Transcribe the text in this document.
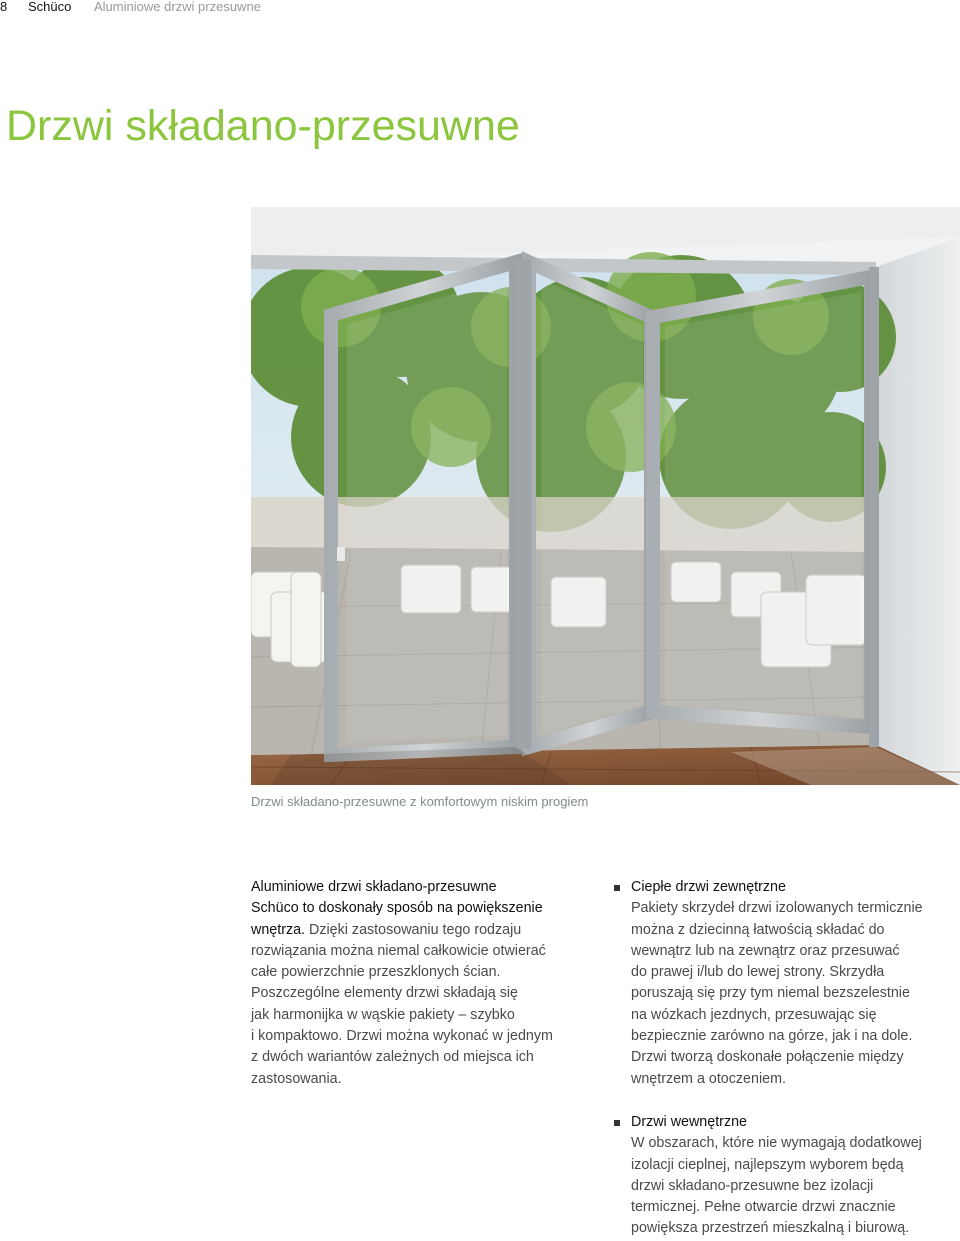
8 Schüco Aluminiowe drzwi przesuwne
Drzwi składano-przesuwne
Drzwi składano-przesuwne z komfortowym niskim progiem
Aluminiowe drzwi składano-przesuwne
Schüco to doskonały sposób na powiększenie
wnętrza. Dzięki zastosowaniu tego rodzaju
rozwiązania można niemal całkowicie otwierać
całe powierzchnie przeszklonych ścian.
Poszczególne elementy drzwi składają się
jak harmonijka w wąskie pakiety – szybko
i kompaktowo. Drzwi można wykonać w jednym
z dwóch wariantów zależnych od miejsca ich
zastosowania.
Ciepłe drzwi zewnętrzne
Pakiety skrzydeł drzwi izolowanych termicznie
można z dziecinną łatwością składać do
wewnątrz lub na zewnątrz oraz przesuwać
do prawej i/lub do lewej strony. Skrzydła
poruszają się przy tym niemal bezszelestnie
na wózkach jezdnych, przesuwając się
bezpiecznie zarówno na górze, jak i na dole.
Drzwi tworzą doskonałe połączenie między
wnętrzem a otoczeniem.
Drzwi wewnętrzne
W obszarach, które nie wymagają dodatkowej
izolacji cieplnej, najlepszym wyborem będą
drzwi składano-przesuwne bez izolacji
termicznej. Pełne otwarcie drzwi znacznie
powiększa przestrzeń mieszkalną i biurową.
